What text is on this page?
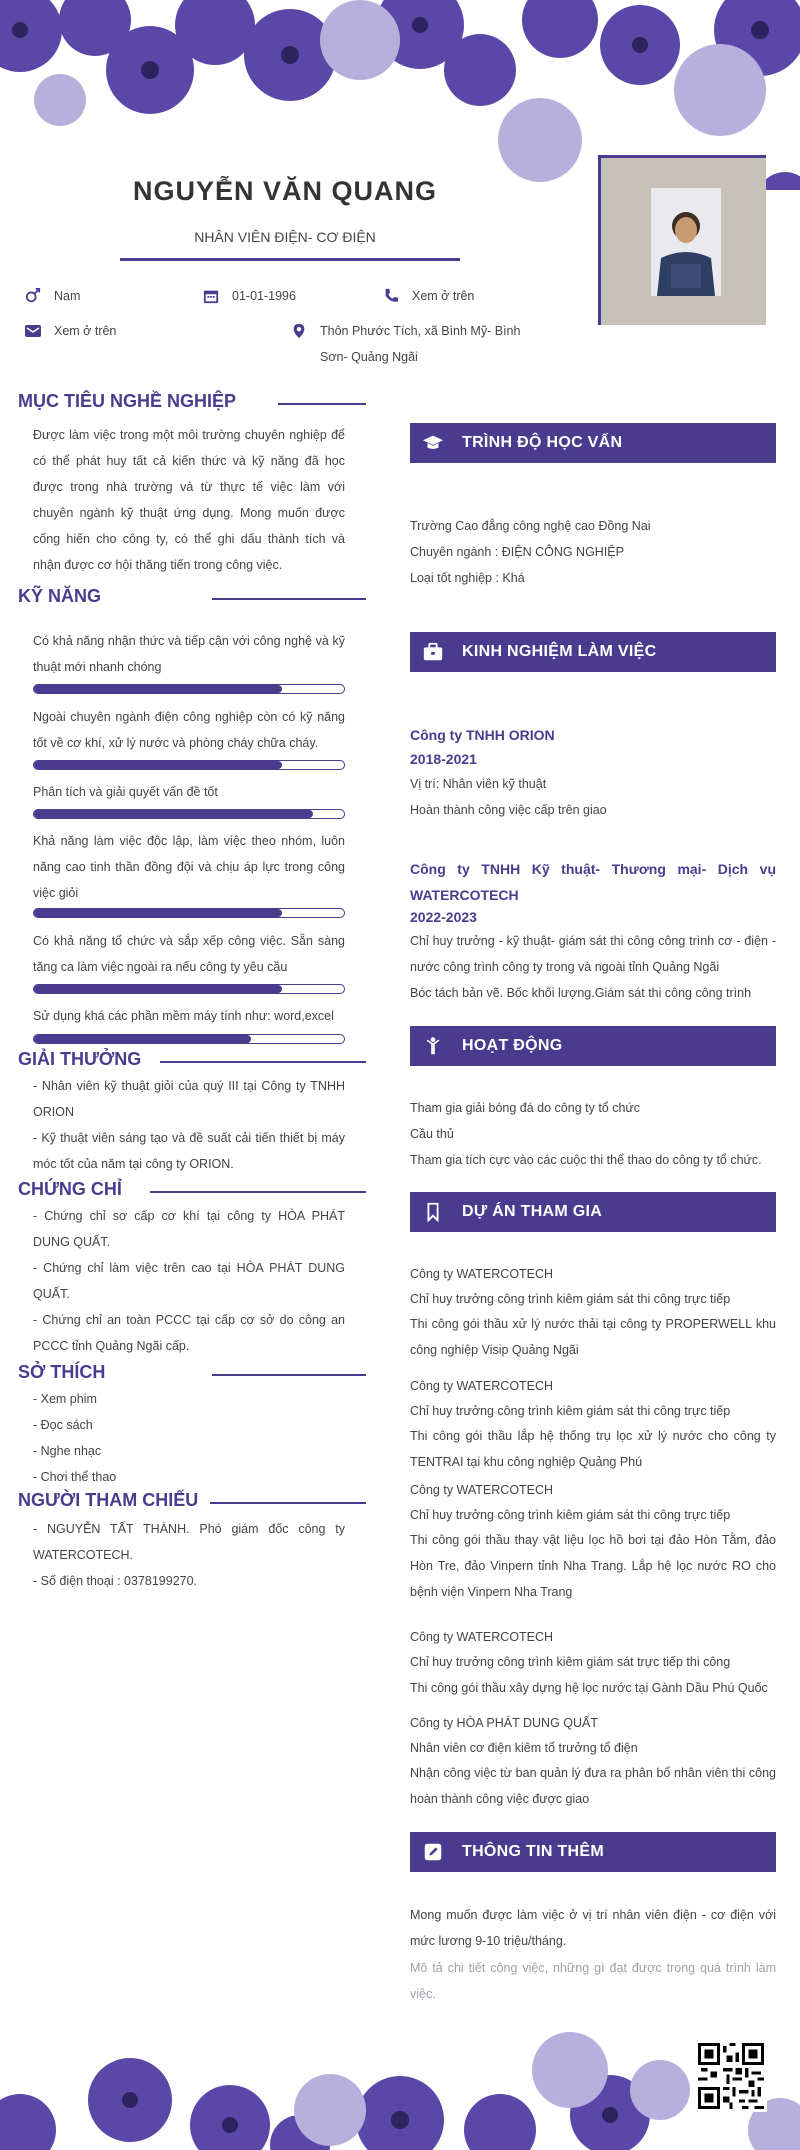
NGUYỄN VĂN QUANG
NHÂN VIÊN ĐIỆN- CƠ ĐIỆN
Nam	01-01-1996	Xem ở trên
Xem ở trên	Thôn Phước Tích, xã Bình Mỹ- Bình Sơn- Quảng Ngãi
MỤC TIÊU NGHỀ NGHIỆP
Được làm việc trong một môi trường chuyên nghiệp để có thể phát huy tất cả kiến thức và kỹ năng đã học được trong nhà trường và từ thực tế việc làm với chuyên ngành kỹ thuật ứng dụng. Mong muốn được cống hiến cho công ty, có thể ghi dấu thành tích và nhận được cơ hội thăng tiến trong công việc.
KỸ NĂNG
Có khả năng nhận thức và tiếp cận với công nghệ và kỹ thuật mới nhanh chóng
Ngoài chuyên ngành điện công nghiệp còn có kỹ năng tốt về cơ khí, xử lý nước và phòng cháy chữa cháy.
Phân tích và giải quyết vấn đề tốt
Khả năng làm việc độc lập, làm việc theo nhóm, luôn năng cao tinh thần đồng đội và chịu áp lực trong công việc giỏi
Có khả năng tổ chức và sắp xếp công việc. Sẵn sàng tăng ca làm việc ngoài ra nếu công ty yêu cầu
Sử dụng khá các phần mềm máy tính như: word,excel
GIẢI THƯỞNG
- Nhân viên kỹ thuật giỏi của quý III tại Công ty TNHH ORION
- Kỹ thuật viên sáng tạo và đề suất cải tiến thiết bị máy móc tốt của năm tại công ty ORION.
CHỨNG CHỈ
- Chứng chỉ sơ cấp cơ khí tại công ty HÒA PHÁT DUNG QUẤT.
- Chứng chỉ làm việc trên cao tại HÒA PHÁT DUNG QUẤT.
- Chứng chỉ an toàn PCCC tại cấp cơ sở do công an PCCC tỉnh Quảng Ngãi cấp.
SỞ THÍCH
- Xem phim
- Đọc sách
- Nghe nhạc
- Chơi thể thao
NGƯỜI THAM CHIẾU
- NGUYỄN TẤT THÀNH. Phó giám đốc công ty WATERCOTECH.
- Số điện thoại : 0378199270.
TRÌNH ĐỘ HỌC VẤN
Trường Cao đẳng công nghệ cao Đồng Nai
Chuyên ngành : ĐIỆN CÔNG NGHIỆP
Loại tốt nghiệp : Khá
KINH NGHIỆM LÀM VIỆC
Công ty TNHH ORION
2018-2021
Vị trí: Nhân viên kỹ thuật
Hoàn thành công việc cấp trên giao
Công ty TNHH Kỹ thuật- Thương mại- Dịch vụ WATERCOTECH
2022-2023
Chỉ huy trưởng - kỹ thuật- giám sát thi công công trình cơ - điện - nước công trình công ty trong và ngoài tỉnh Quảng Ngãi
Bóc tách bản vẽ. Bốc khối lượng.Giám sát thi công công trình
HOẠT ĐỘNG
Tham gia giải bóng đá do công ty tổ chức
Cầu thủ
Tham gia tích cực vào các cuộc thi thể thao do công ty tổ chức.
DỰ ÁN THAM GIA
Công ty WATERCOTECH
Chỉ huy trưởng công trình kiêm giám sát thi công trực tiếp
Thi công gói thầu xử lý nước thải tại công ty PROPERWELL khu công nghiệp Visip Quảng Ngãi
Công ty WATERCOTECH
Chỉ huy trưởng công trình kiêm giám sát thi công trực tiếp
Thi công gói thầu lắp hệ thống trụ lọc xử lý nước cho công ty TENTRAI tại khu công nghiệp Quảng Phú
Công ty WATERCOTECH
Chỉ huy trưởng công trình kiêm giám sát thi công trực tiếp
Thi công gói thầu thay vật liệu lọc hồ bơi tại đảo Hòn Tằm, đảo Hòn Tre, đảo Vinpern tỉnh Nha Trang. Lắp hệ lọc nước RO cho bệnh viện Vinpern Nha Trang
Công ty WATERCOTECH
Chỉ huy trưởng công trình kiêm giám sát trực tiếp thi công
Thi công gói thầu xây dựng hệ lọc nước tại Gành Dầu Phú Quốc
Công ty HÒA PHÁT DUNG QUẤT
Nhân viên cơ điện kiêm tổ trưởng tổ điện
Nhận công việc từ ban quản lý đưa ra phân bổ nhân viên thi công hoàn thành công việc được giao
THÔNG TIN THÊM
Mong muốn được làm việc ở vị trí nhân viên điện - cơ điện với mức lương 9-10 triệu/tháng.
Mô tả chi tiết công việc, những gì đạt được trong quá trình làm việc.
